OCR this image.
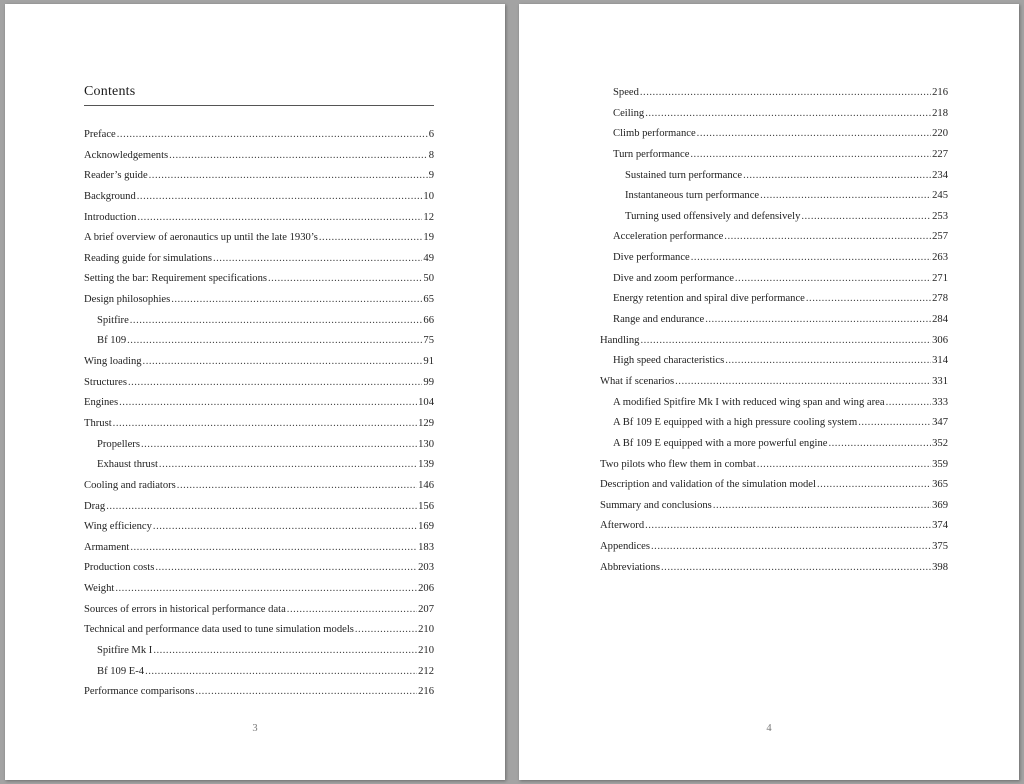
Contents
Preface .....	6
Acknowledgements .....	8
Reader’s guide .....	9
Background .....	10
Introduction .....	12
A brief overview of aeronautics up until the late 1930’s .....	19
Reading guide for simulations .....	49
Setting the bar: Requirement specifications .....	50
Design philosophies .....	65
Spitfire .....	66
Bf 109 .....	75
Wing loading .....	91
Structures .....	99
Engines .....	104
Thrust .....	129
Propellers .....	130
Exhaust thrust .....	139
Cooling and radiators .....	146
Drag .....	156
Wing efficiency .....	169
Armament .....	183
Production costs .....	203
Weight .....	206
Sources of errors in historical performance data .....	207
Technical and performance data used to tune simulation models .....	210
Spitfire Mk I .....	210
Bf 109 E-4 .....	212
Performance comparisons .....	216
3
Speed .....	216
Ceiling .....	218
Climb performance .....	220
Turn performance .....	227
Sustained turn performance .....	234
Instantaneous turn performance .....	245
Turning used offensively and defensively .....	253
Acceleration performance .....	257
Dive performance .....	263
Dive and zoom performance .....	271
Energy retention and spiral dive performance .....	278
Range and endurance .....	284
Handling .....	306
High speed characteristics .....	314
What if scenarios .....	331
A modified Spitfire Mk I with reduced wing span and wing area .....	333
A Bf 109 E equipped with a high pressure cooling system .....	347
A Bf 109 E equipped with a more powerful engine .....	352
Two pilots who flew them in combat .....	359
Description and validation of the simulation model .....	365
Summary and conclusions .....	369
Afterword .....	374
Appendices .....	375
Abbreviations .....	398
4
